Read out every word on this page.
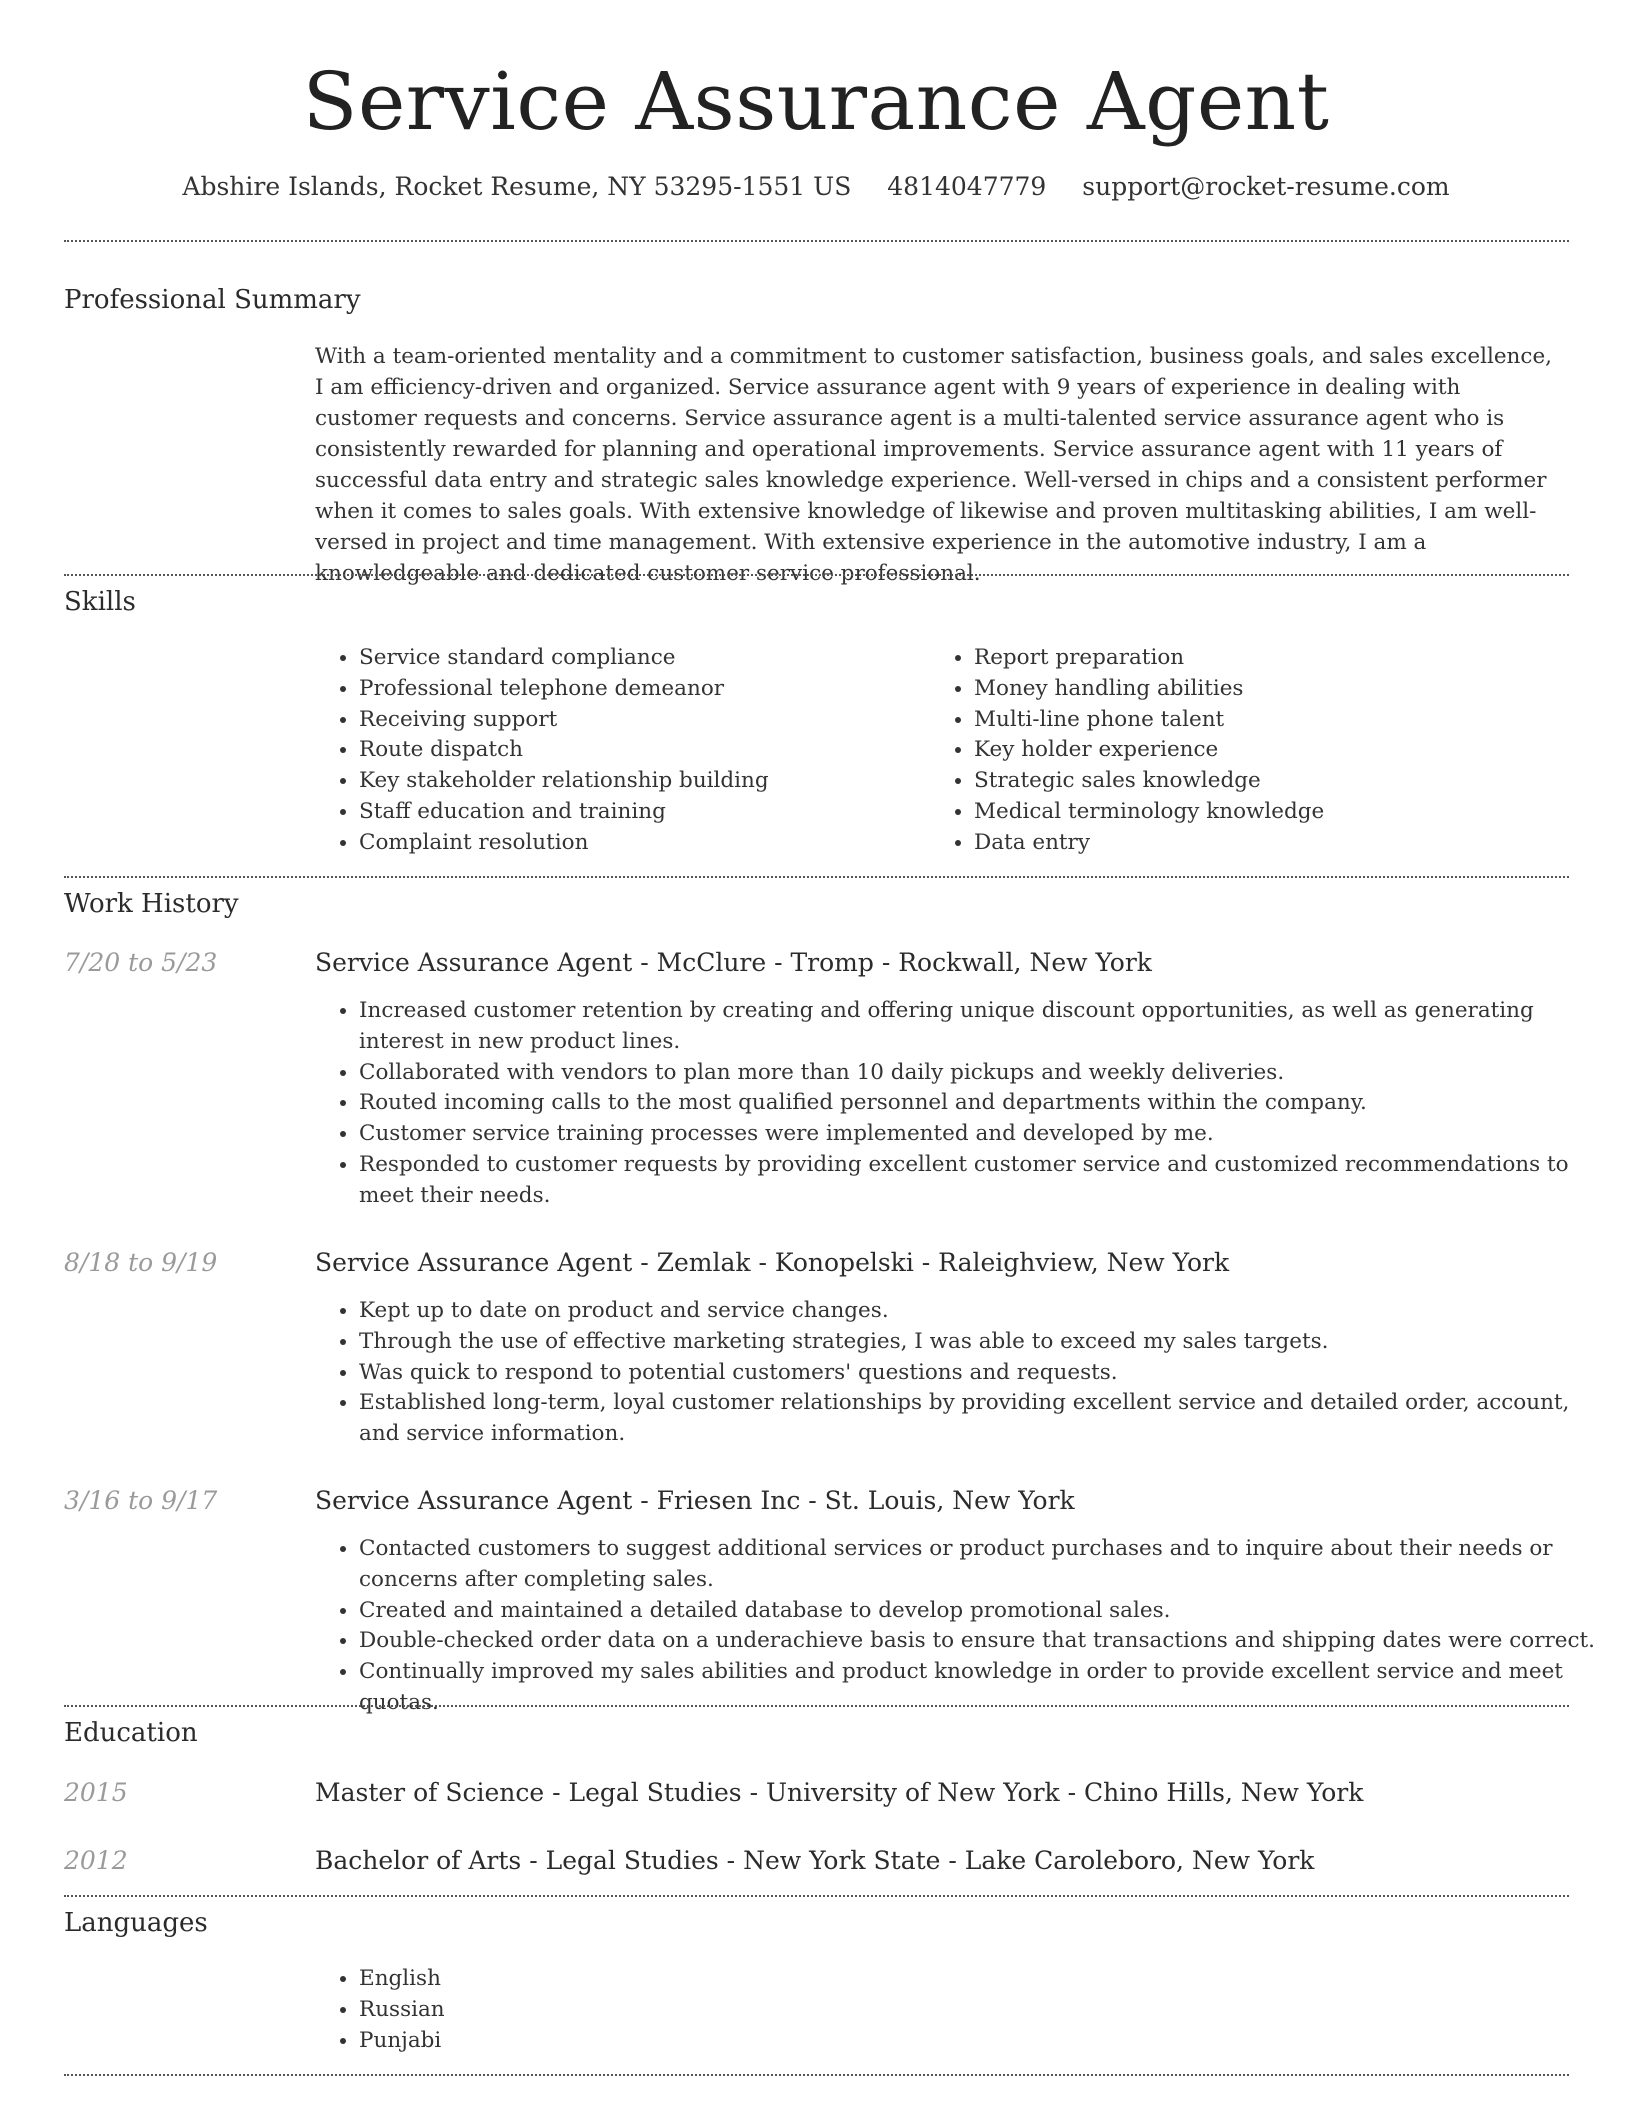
Service Assurance Agent
Abshire Islands, Rocket Resume, NY 53295-1551 US 4814047779 support@rocket-resume.com
Professional Summary
With a team-oriented mentality and a commitment to customer satisfaction, business goals, and sales excellence, I am efficiency-driven and organized. Service assurance agent with 9 years of experience in dealing with customer requests and concerns. Service assurance agent is a multi-talented service assurance agent who is consistently rewarded for planning and operational improvements. Service assurance agent with 11 years of successful data entry and strategic sales knowledge experience. Well-versed in chips and a consistent performer when it comes to sales goals. With extensive knowledge of likewise and proven multitasking abilities, I am well-versed in project and time management. With extensive experience in the automotive industry, I am a knowledgeable and dedicated customer service professional.
Skills
• Service standard compliance
• Professional telephone demeanor
• Receiving support
• Route dispatch
• Key stakeholder relationship building
• Staff education and training
• Complaint resolution
• Report preparation
• Money handling abilities
• Multi-line phone talent
• Key holder experience
• Strategic sales knowledge
• Medical terminology knowledge
• Data entry
Work History
7/20 to 5/23	Service Assurance Agent - McClure - Tromp - Rockwall, New York
• Increased customer retention by creating and offering unique discount opportunities, as well as generating interest in new product lines.
• Collaborated with vendors to plan more than 10 daily pickups and weekly deliveries.
• Routed incoming calls to the most qualified personnel and departments within the company.
• Customer service training processes were implemented and developed by me.
• Responded to customer requests by providing excellent customer service and customized recommendations to meet their needs.
8/18 to 9/19	Service Assurance Agent - Zemlak - Konopelski - Raleighview, New York
• Kept up to date on product and service changes.
• Through the use of effective marketing strategies, I was able to exceed my sales targets.
• Was quick to respond to potential customers' questions and requests.
• Established long-term, loyal customer relationships by providing excellent service and detailed order, account, and service information.
3/16 to 9/17	Service Assurance Agent - Friesen Inc - St. Louis, New York
• Contacted customers to suggest additional services or product purchases and to inquire about their needs or concerns after completing sales.
• Created and maintained a detailed database to develop promotional sales.
• Double-checked order data on a underachieve basis to ensure that transactions and shipping dates were correct.
• Continually improved my sales abilities and product knowledge in order to provide excellent service and meet quotas.
Education
2015	Master of Science - Legal Studies - University of New York - Chino Hills, New York
2012	Bachelor of Arts - Legal Studies - New York State - Lake Caroleboro, New York
Languages
• English
• Russian
• Punjabi
